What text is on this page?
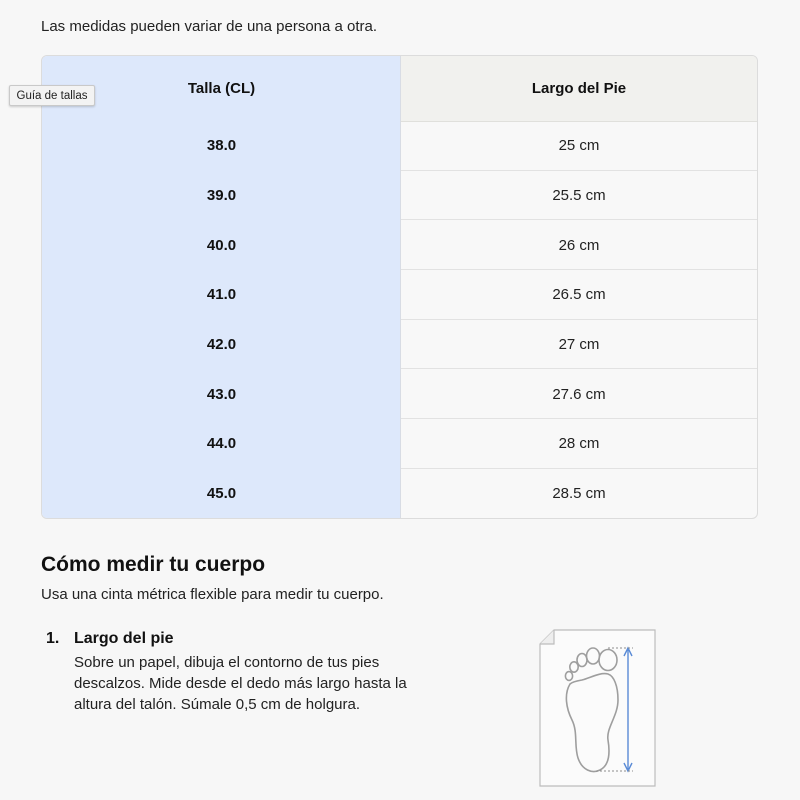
Las medidas pueden variar de una persona a otra.
Guía de tallas	Talla (CL)	Largo del Pie
38.0	25 cm
39.0	25.5 cm
40.0	26 cm
41.0	26.5 cm
42.0	27 cm
43.0	27.6 cm
44.0	28 cm
45.0	28.5 cm
Cómo medir tu cuerpo
Usa una cinta métrica flexible para medir tu cuerpo.
1. Largo del pie
Sobre un papel, dibuja el contorno de tus pies descalzos. Mide desde el dedo más largo hasta la altura del talón. Súmale 0,5 cm de holgura.
